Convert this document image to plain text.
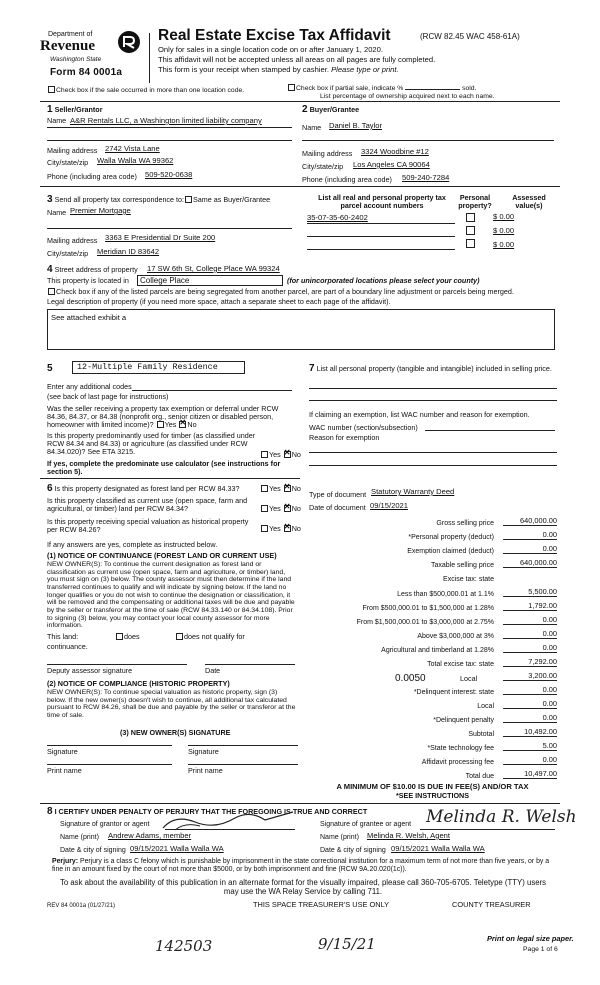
Department of
Revenue
Washington State
Form 84 0001a
Real Estate Excise Tax Affidavit	(RCW 82.45 WAC 458-61A)
Only for sales in a single location code on or after January 1, 2020.
This affidavit will not be accepted unless all areas on all pages are fully completed.
This form is your receipt when stamped by cashier. Please type or print.
Check box if the sale occurred in more than one location code.	Check box if partial sale, indicate %	sold.
List percentage of ownership acquired next to each name.
1 Seller/Grantor
Name A&R Rentals LLC, a Washington limited liability company
Mailing address 2742 Vista Lane
City/state/zip Walla Walla WA 99362
Phone (including area code) 509-520-0638
2 Buyer/Grantee
Name Daniel B. Taylor
Mailing address 3324 Woodbine #12
City/state/zip Los Angeles CA 90064
Phone (including area code) 509-240-7284
3 Send all property tax correspondence to: Same as Buyer/Grantee
Name Premier Mortgage
Mailing address 3363 E Presidential Dr Suite 200
City/state/zip Meridian ID 83642
List all real and personal property tax parcel account numbers
Personal property?
Assessed value(s)
35-07-35-60-2402	$ 0.00
$ 0.00
$ 0.00
4 Street address of property 17 SW 6th St, College Place WA 99324
This property is located in	College Place	(for unincorporated locations please select your county)
Check box if any of the listed parcels are being segregated from another parcel, are part of a boundary line adjustment or parcels being merged.
Legal description of property (if you need more space, attach a separate sheet to each page of the affidavit).
See attached exhibit a
5	12-Multiple Family Residence
Enter any additional codes
(see back of last page for instructions)
Was the seller receiving a property tax exemption or deferral under RCW 84.36, 84.37, or 84.38 (nonprofit org., senior citizen or disabled person, homeowner with limited income)? Yes ✕ No
Is this property predominantly used for timber (as classified under RCW 84.34 and 84.33) or agriculture (as classified under RCW 84.34.020)? See ETA 3215.	Yes ✕ No
If yes, complete the predominate use calculator (see instructions for section 5).
6 Is this property designated as forest land per RCW 84.33?	Yes ✕ No
Is this property classified as current use (open space, farm and agricultural, or timber) land per RCW 84.34?	Yes ✕ No
Is this property receiving special valuation as historical property per RCW 84.26?	Yes ✕ No
If any answers are yes, complete as instructed below.
(1) NOTICE OF CONTINUANCE (FOREST LAND OR CURRENT USE)
NEW OWNER(S): To continue the current designation as forest land or classification as current use (open space, farm and agriculture, or timber) land, you must sign on (3) below. The county assessor must then determine if the land transferred continues to qualify and will indicate by signing below. If the land no longer qualifies or you do not wish to continue the designation or classification, it will be removed and the compensating or additional taxes will be due and payable by the seller or transferor at the time of sale (RCW 84.33.140 or 84.34.108). Prior to signing (3) below, you may contact your local county assessor for more information.
This land:	does	does not qualify for
continuance.
Deputy assessor signature	Date
(2) NOTICE OF COMPLIANCE (HISTORIC PROPERTY)
NEW OWNER(S): To continue special valuation as historic property, sign (3) below. If the new owner(s) doesn't wish to continue, all additional tax calculated pursuant to RCW 84.26, shall be due and payable by the seller or transferor at the time of sale.
(3) NEW OWNER(S) SIGNATURE
Signature	Signature
Print name	Print name
7 List all personal property (tangible and intangible) included in selling price.
If claiming an exemption, list WAC number and reason for exemption.
WAC number (section/subsection)
Reason for exemption
Type of document Statutory Warranty Deed
Date of document 09/15/2021
Gross selling price	640,000.00
*Personal property (deduct)	0.00
Exemption claimed (deduct)	0.00
Taxable selling price	640,000.00
Excise tax: state
Less than $500,000.01 at 1.1%	5,500.00
From $500,000.01 to $1,500,000 at 1.28%	1,792.00
From $1,500,000.01 to $3,000,000 at 2.75%	0.00
Above $3,000,000 at 3%	0.00
Agricultural and timberland at 1.28%	0.00
Total excise tax: state	7,292.00
0.0050	Local	3,200.00
*Delinquent interest: state	0.00
Local	0.00
*Delinquent penalty	0.00
Subtotal	10,492.00
*State technology fee	5.00
Affidavit processing fee	0.00
Total due	10,497.00
A MINIMUM OF $10.00 IS DUE IN FEE(S) AND/OR TAX
*SEE INSTRUCTIONS
8 I CERTIFY UNDER PENALTY OF PERJURY THAT THE FOREGOING IS TRUE AND CORRECT
Signature of grantor or agent
Name (print) Andrew Adams, member
Date & city of signing 09/15/2021 Walla Walla WA
Signature of grantee or agent Melinda R. Welsh
Name (print) Melinda R. Welsh, Agent
Date & city of signing 09/15/2021 Walla Walla WA
Perjury: Perjury is a class C felony which is punishable by imprisonment in the state correctional institution for a maximum term of not more than five years, or by a fine in an amount fixed by the court of not more than $5000, or by both imprisonment and fine (RCW 9A.20.020(1c)).
To ask about the availability of this publication in an alternate format for the visually impaired, please call 360-705-6705. Teletype (TTY) users may use the WA Relay Service by calling 711.
REV 84 0001a (01/27/21)	THIS SPACE TREASURER'S USE ONLY	COUNTY TREASURER
142503	9/15/21	Print on legal size paper.
Page 1 of 6
